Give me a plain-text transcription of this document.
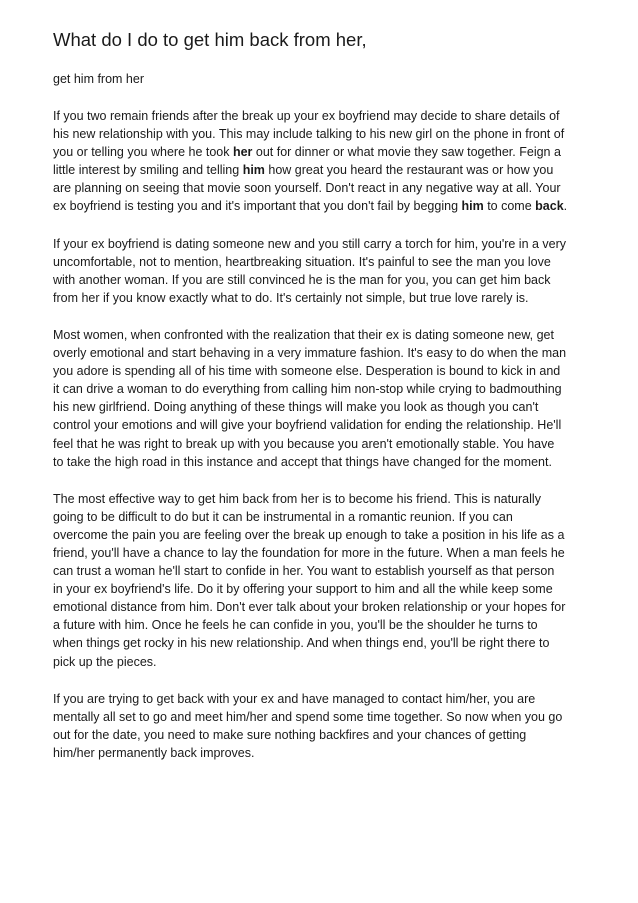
What do I do to get him back from her,
get him from her
If you two remain friends after the break up your ex boyfriend may decide to share details of
his new relationship with you. This may include talking to his new girl on the phone in front of
you or telling you where he took her out for dinner or what movie they saw together. Feign a
little interest by smiling and telling him how great you heard the restaurant was or how you
are planning on seeing that movie soon yourself. Don't react in any negative way at all. Your
ex boyfriend is testing you and it's important that you don't fail by begging him to come back.
If your ex boyfriend is dating someone new and you still carry a torch for him, you're in a very
uncomfortable, not to mention, heartbreaking situation. It's painful to see the man you love
with another woman. If you are still convinced he is the man for you, you can get him back
from her if you know exactly what to do. It's certainly not simple, but true love rarely is.
Most women, when confronted with the realization that their ex is dating someone new, get
overly emotional and start behaving in a very immature fashion. It's easy to do when the man
you adore is spending all of his time with someone else. Desperation is bound to kick in and
it can drive a woman to do everything from calling him non-stop while crying to badmouthing
his new girlfriend. Doing anything of these things will make you look as though you can't
control your emotions and will give your boyfriend validation for ending the relationship. He'll
feel that he was right to break up with you because you aren't emotionally stable. You have
to take the high road in this instance and accept that things have changed for the moment.
The most effective way to get him back from her is to become his friend. This is naturally
going to be difficult to do but it can be instrumental in a romantic reunion. If you can
overcome the pain you are feeling over the break up enough to take a position in his life as a
friend, you'll have a chance to lay the foundation for more in the future. When a man feels he
can trust a woman he'll start to confide in her. You want to establish yourself as that person
in your ex boyfriend's life. Do it by offering your support to him and all the while keep some
emotional distance from him. Don't ever talk about your broken relationship or your hopes for
a future with him. Once he feels he can confide in you, you'll be the shoulder he turns to
when things get rocky in his new relationship. And when things end, you'll be right there to
pick up the pieces.
If you are trying to get back with your ex and have managed to contact him/her, you are
mentally all set to go and meet him/her and spend some time together. So now when you go
out for the date, you need to make sure nothing backfires and your chances of getting
him/her permanently back improves.
